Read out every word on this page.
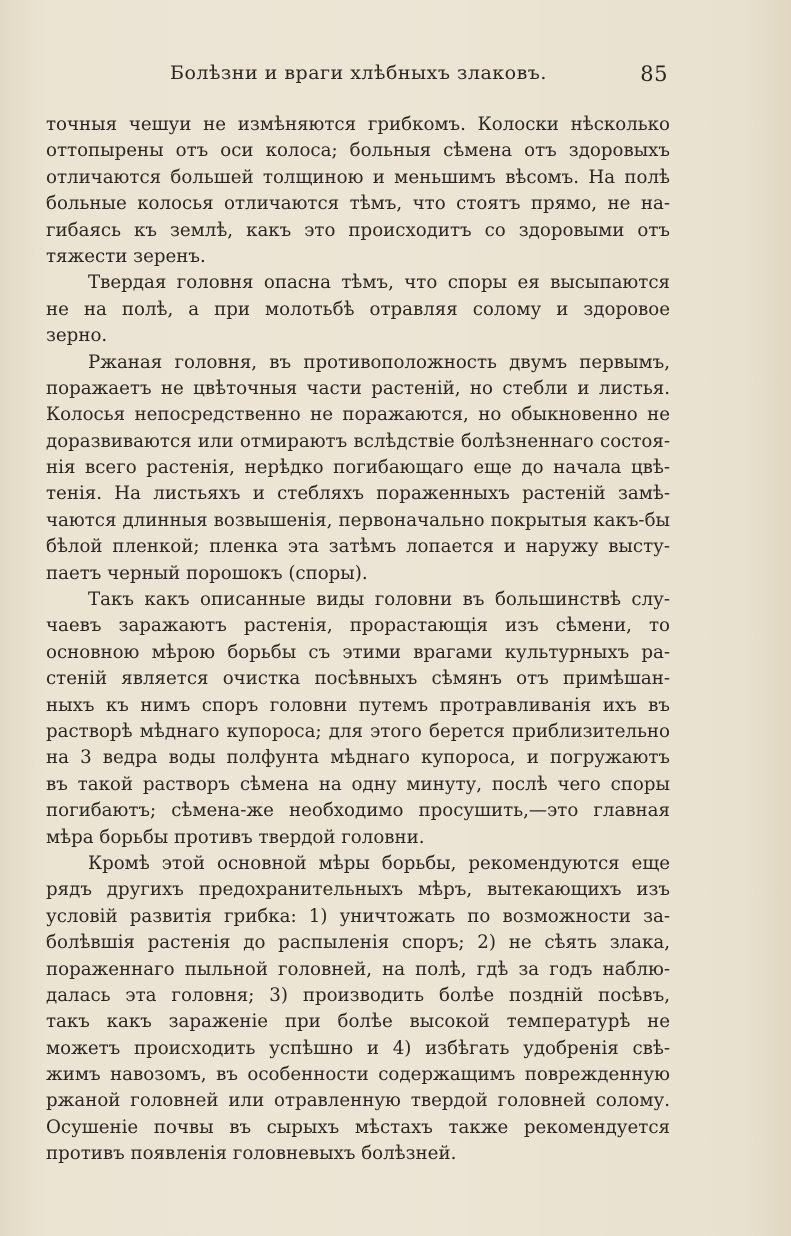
Болѣзни и враги хлѣбныхъ злаковъ.	85
точныя чешуи не измѣняются грибкомъ. Колоски нѣсколько
оттопырены отъ оси колоса; больныя сѣмена отъ здоровыхъ
отличаются большей толщиною и меньшимъ вѣсомъ. На полѣ
больные колосья отличаются тѣмъ, что стоятъ прямо, не на-
гибаясь къ землѣ, какъ это происходитъ со здоровыми отъ
тяжести зеренъ.
Твердая головня опасна тѣмъ, что споры ея высыпаются
не на полѣ, а при молотьбѣ отравляя солому и здоровое
зерно.
Ржаная головня, въ противоположность двумъ первымъ,
поражаетъ не цвѣточныя части растеній, но стебли и листья.
Колосья непосредственно не поражаются, но обыкновенно не
доразвиваются или отмираютъ вслѣдствіе болѣзненнаго состоя-
нія всего растенія, нерѣдко погибающаго еще до начала цвѣ-
тенія. На листьяхъ и стебляхъ пораженныхъ растеній замѣ-
чаются длинныя возвышенія, первоначально покрытыя какъ-бы
бѣлой пленкой; пленка эта затѣмъ лопается и наружу высту-
паетъ черный порошокъ (споры).
Такъ какъ описанные виды головни въ большинствѣ слу-
чаевъ заражаютъ растенія, прорастающія изъ сѣмени, то
основною мѣрою борьбы съ этими врагами культурныхъ ра-
стеній является очистка посѣвныхъ сѣмянъ отъ примѣшан-
ныхъ къ нимъ споръ головни путемъ протравливанія ихъ въ
растворѣ мѣднаго купороса; для этого берется приблизительно
на 3 ведра воды полфунта мѣднаго купороса, и погружаютъ
въ такой растворъ сѣмена на одну минуту, послѣ чего споры
погибаютъ; сѣмена-же необходимо просушить,—это главная
мѣра борьбы противъ твердой головни.
Кромѣ этой основной мѣры борьбы, рекомендуются еще
рядъ другихъ предохранительныхъ мѣръ, вытекающихъ изъ
условій развитія грибка: 1) уничтожать по возможности за-
болѣвшія растенія до распыленія споръ; 2) не сѣять злака,
пораженнаго пыльной головней, на полѣ, гдѣ за годъ наблю-
далась эта головня; 3) производить болѣе поздній посѣвъ,
такъ какъ зараженіе при болѣе высокой температурѣ не
можетъ происходить успѣшно и 4) избѣгать удобренія свѣ-
жимъ навозомъ, въ особенности содержащимъ поврежденную
ржаной головней или отравленную твердой головней солому.
Осушеніе почвы въ сырыхъ мѣстахъ также рекомендуется
противъ появленія головневыхъ болѣзней.
